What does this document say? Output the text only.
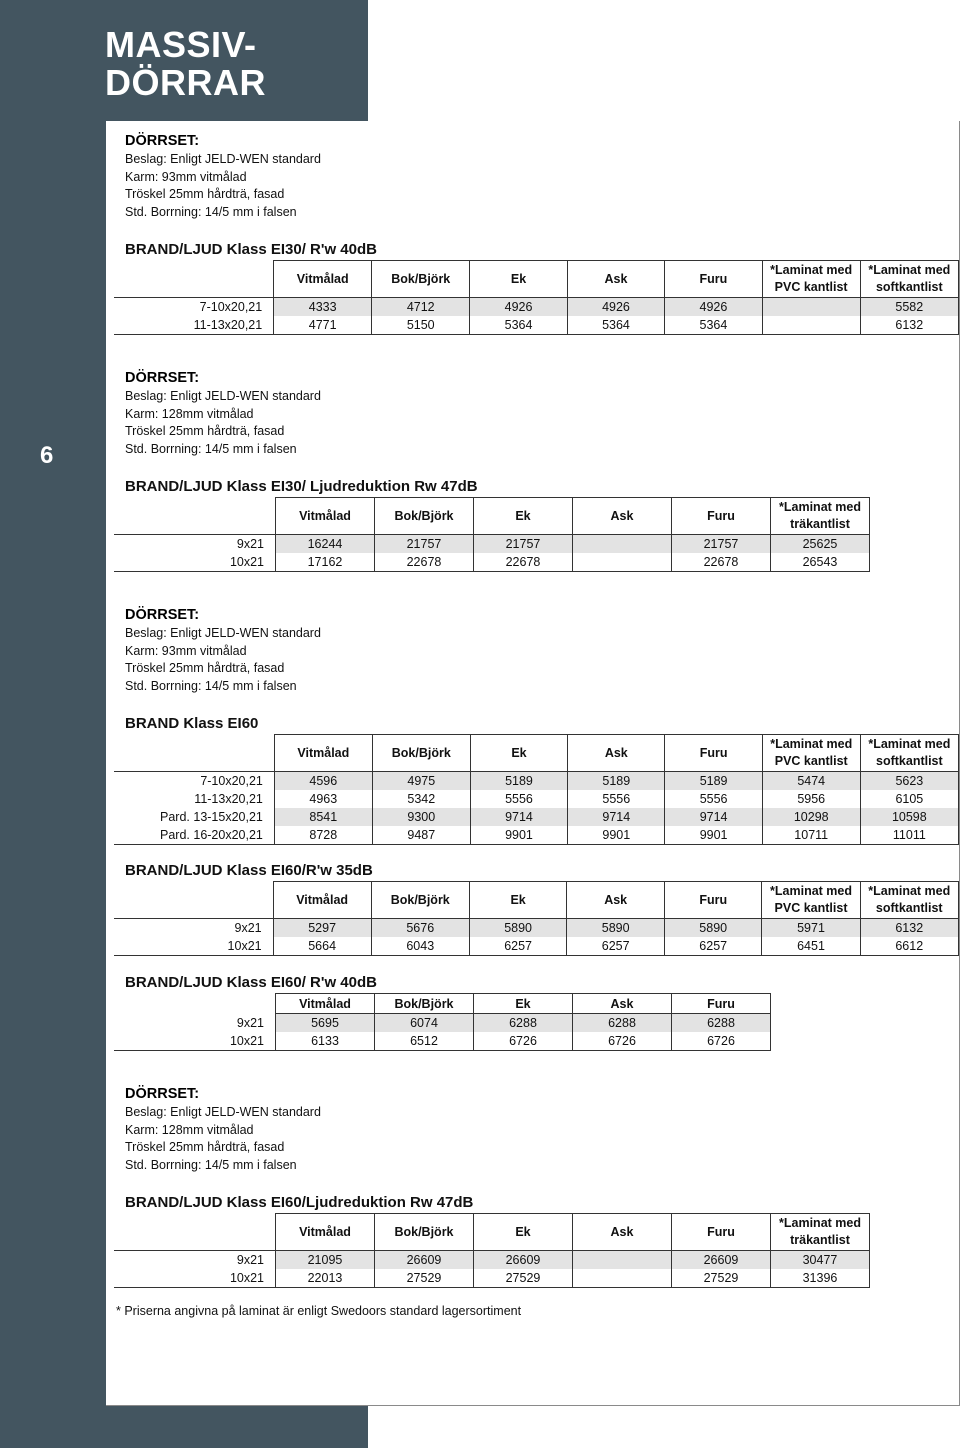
MASSIV-
DÖRRAR
6
DÖRRSET:
Beslag: Enligt JELD-WEN standard
Karm: 93mm vitmålad
Tröskel 25mm hårdträ, fasad
Std. Borrning: 14/5 mm i falsen
BRAND/LJUD Klass EI30/ R'w 40dB
	Vitmålad	Bok/Björk	Ek	Ask	Furu	*Laminat med PVC kantlist	*Laminat med softkantlist
7-10x20,21	4333	4712	4926	4926	4926		5582
11-13x20,21	4771	5150	5364	5364	5364		6132
DÖRRSET:
Beslag: Enligt JELD-WEN standard
Karm: 128mm vitmålad
Tröskel 25mm hårdträ, fasad
Std. Borrning: 14/5 mm i falsen
BRAND/LJUD Klass EI30/ Ljudreduktion Rw 47dB
	Vitmålad	Bok/Björk	Ek	Ask	Furu	*Laminat med träkantlist
9x21	16244	21757	21757		21757	25625
10x21	17162	22678	22678		22678	26543
DÖRRSET:
Beslag: Enligt JELD-WEN standard
Karm: 93mm vitmålad
Tröskel 25mm hårdträ, fasad
Std. Borrning: 14/5 mm i falsen
BRAND Klass EI60
	Vitmålad	Bok/Björk	Ek	Ask	Furu	*Laminat med PVC kantlist	*Laminat med softkantlist
7-10x20,21	4596	4975	5189	5189	5189	5474	5623
11-13x20,21	4963	5342	5556	5556	5556	5956	6105
Pard. 13-15x20,21	8541	9300	9714	9714	9714	10298	10598
Pard. 16-20x20,21	8728	9487	9901	9901	9901	10711	11011
BRAND/LJUD Klass EI60/R'w 35dB
	Vitmålad	Bok/Björk	Ek	Ask	Furu	*Laminat med PVC kantlist	*Laminat med softkantlist
9x21	5297	5676	5890	5890	5890	5971	6132
10x21	5664	6043	6257	6257	6257	6451	6612
BRAND/LJUD Klass EI60/ R'w 40dB
	Vitmålad	Bok/Björk	Ek	Ask	Furu
9x21	5695	6074	6288	6288	6288
10x21	6133	6512	6726	6726	6726
DÖRRSET:
Beslag: Enligt JELD-WEN standard
Karm: 128mm vitmålad
Tröskel 25mm hårdträ, fasad
Std. Borrning: 14/5 mm i falsen
BRAND/LJUD Klass EI60/Ljudreduktion Rw 47dB
	Vitmålad	Bok/Björk	Ek	Ask	Furu	*Laminat med träkantlist
9x21	21095	26609	26609		26609	30477
10x21	22013	27529	27529		27529	31396
* Priserna angivna på laminat är enligt Swedoors standard lagersortiment
